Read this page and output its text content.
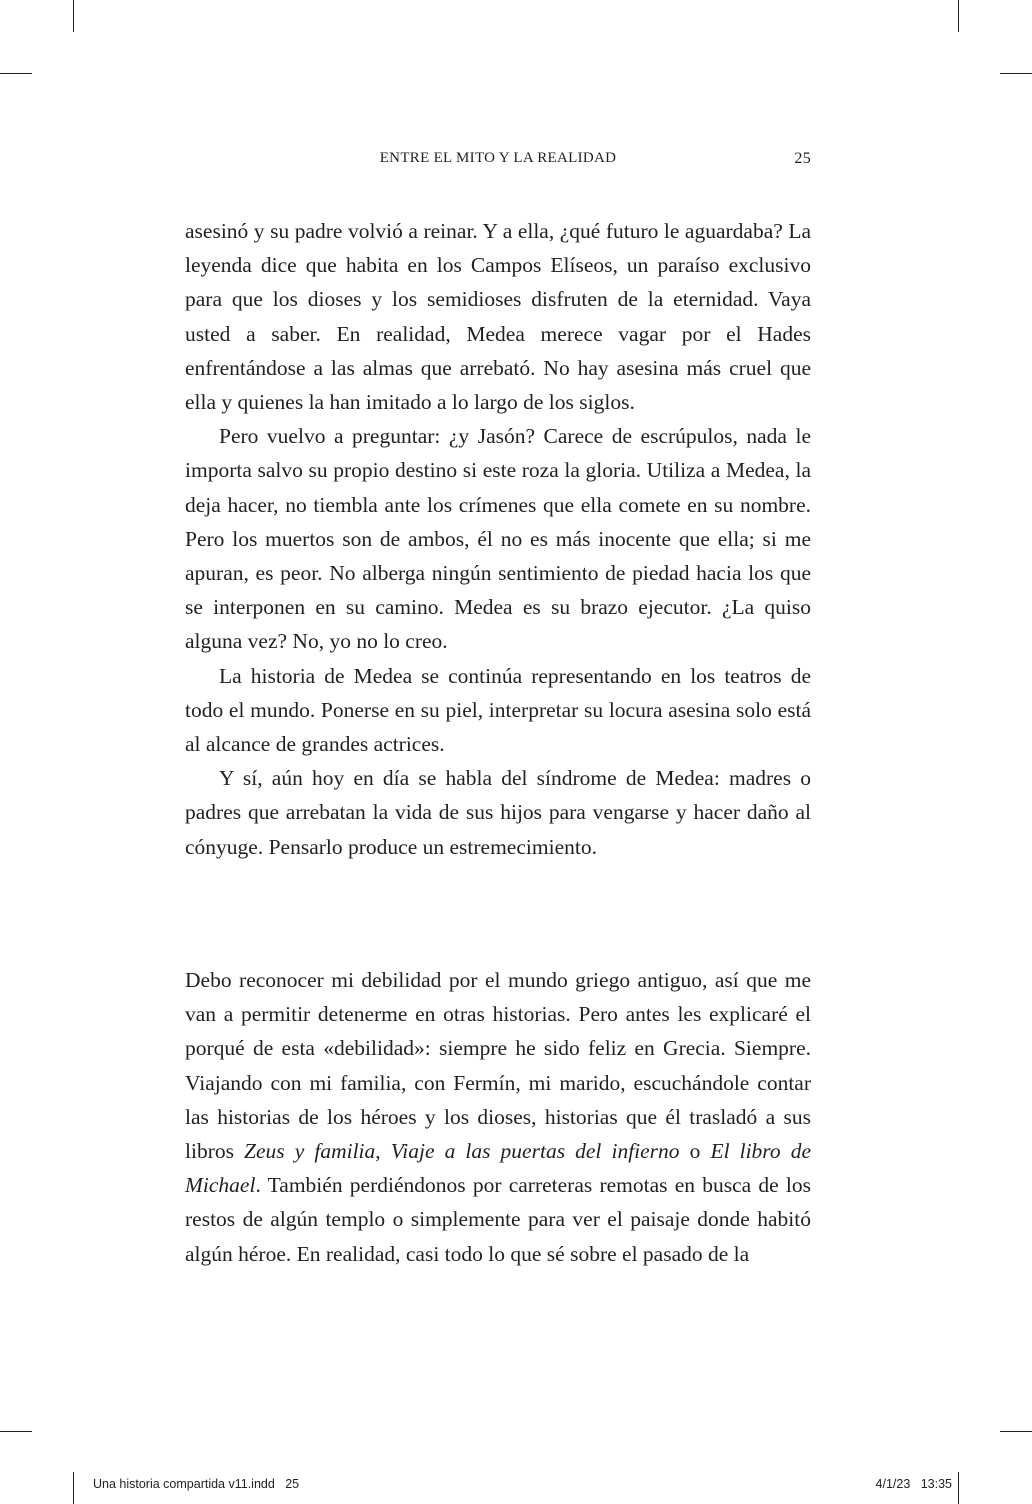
ENTRE EL MITO Y LA REALIDAD	25

asesinó y su padre volvió a reinar. Y a ella, ¿qué futuro le aguardaba? La leyenda dice que habita en los Campos Elíseos, un paraíso exclusivo para que los dioses y los semidioses disfruten de la eternidad. Vaya usted a saber. En realidad, Medea merece vagar por el Hades enfrentándose a las almas que arrebató. No hay asesina más cruel que ella y quienes la han imitado a lo largo de los siglos.

Pero vuelvo a preguntar: ¿y Jasón? Carece de escrúpulos, nada le importa salvo su propio destino si este roza la gloria. Utiliza a Medea, la deja hacer, no tiembla ante los crímenes que ella comete en su nombre. Pero los muertos son de ambos, él no es más inocente que ella; si me apuran, es peor. No alberga ningún sentimiento de piedad hacia los que se interponen en su camino. Medea es su brazo ejecutor. ¿La quiso alguna vez? No, yo no lo creo.

La historia de Medea se continúa representando en los teatros de todo el mundo. Ponerse en su piel, interpretar su locura asesina solo está al alcance de grandes actrices.

Y sí, aún hoy en día se habla del síndrome de Medea: madres o padres que arrebatan la vida de sus hijos para vengarse y hacer daño al cónyuge. Pensarlo produce un estremecimiento.

Debo reconocer mi debilidad por el mundo griego antiguo, así que me van a permitir detenerme en otras historias. Pero antes les explicaré el porqué de esta «debilidad»: siempre he sido feliz en Grecia. Siempre. Viajando con mi familia, con Fermín, mi marido, escuchándole contar las historias de los héroes y los dioses, historias que él trasladó a sus libros Zeus y familia, Viaje a las puertas del infierno o El libro de Michael. También perdiéndonos por carreteras remotas en busca de los restos de algún templo o simplemente para ver el paisaje donde habitó algún héroe. En realidad, casi todo lo que sé sobre el pasado de la

Una historia compartida v11.indd   25	4/1/23   13:35
